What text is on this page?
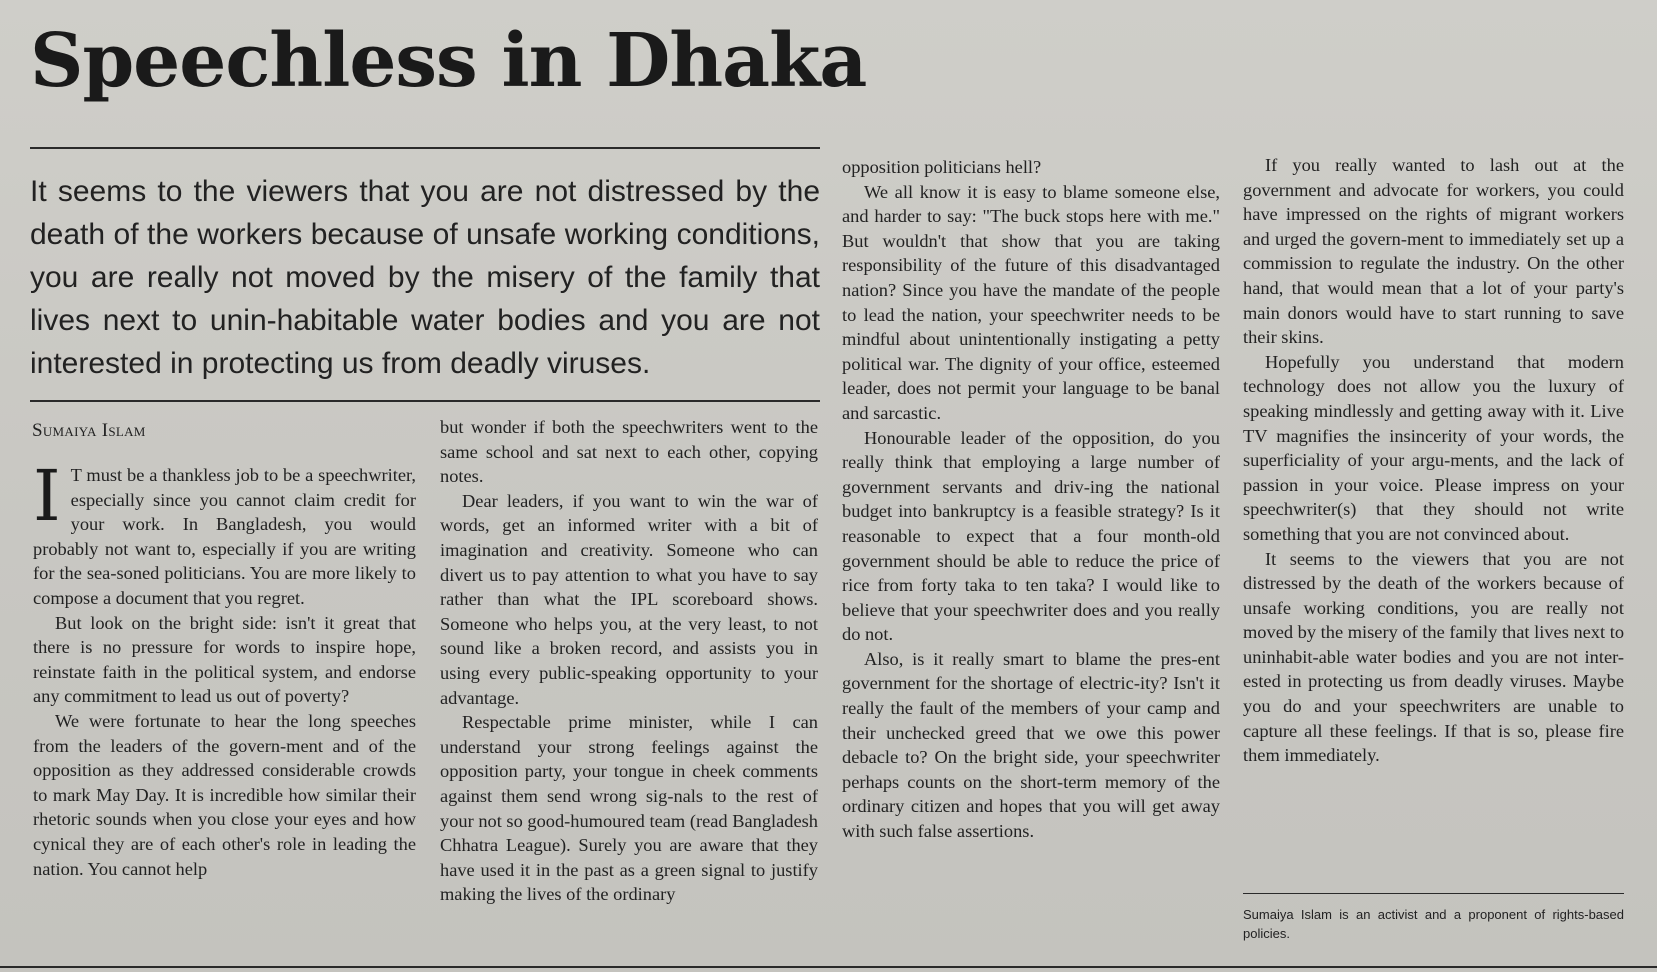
Speechless in Dhaka

It seems to the viewers that you are not distressed by the death of the workers because of unsafe working conditions, you are really not moved by the misery of the family that lives next to unin-habitable water bodies and you are not interested in protecting us from deadly viruses.

Sumaiya Islam

I T must be a thankless job to be a speechwriter, especially since you cannot claim credit for your work. In Bangladesh, you would probably not want to, especially if you are writing for the sea-soned politicians. You are more likely to compose a document that you regret.

But look on the bright side: isn't it great that there is no pressure for words to inspire hope, reinstate faith in the political system, and endorse any commitment to lead us out of poverty?

We were fortunate to hear the long speeches from the leaders of the govern-ment and of the opposition as they addressed considerable crowds to mark May Day. It is incredible how similar their rhetoric sounds when you close your eyes and how cynical they are of each other's role in leading the nation. You cannot help

but wonder if both the speechwriters went to the same school and sat next to each other, copying notes.

Dear leaders, if you want to win the war of words, get an informed writer with a bit of imagination and creativity. Someone who can divert us to pay attention to what you have to say rather than what the IPL scoreboard shows. Someone who helps you, at the very least, to not sound like a broken record, and assists you in using every public-speaking opportunity to your advantage.

Respectable prime minister, while I can understand your strong feelings against the opposition party, your tongue in cheek comments against them send wrong sig-nals to the rest of your not so good-humoured team (read Bangladesh Chhatra League). Surely you are aware that they have used it in the past as a green signal to justify making the lives of the ordinary

opposition politicians hell?

We all know it is easy to blame someone else, and harder to say: "The buck stops here with me." But wouldn't that show that you are taking responsibility of the future of this disadvantaged nation? Since you have the mandate of the people to lead the nation, your speechwriter needs to be mindful about unintentionally instigating a petty political war. The dignity of your office, esteemed leader, does not permit your language to be banal and sarcastic.

Honourable leader of the opposition, do you really think that employing a large number of government servants and driv-ing the national budget into bankruptcy is a feasible strategy? Is it reasonable to expect that a four month-old government should be able to reduce the price of rice from forty taka to ten taka? I would like to believe that your speechwriter does and you really do not.

Also, is it really smart to blame the pres-ent government for the shortage of electric-ity? Isn't it really the fault of the members of your camp and their unchecked greed that we owe this power debacle to? On the bright side, your speechwriter perhaps counts on the short-term memory of the ordinary citizen and hopes that you will get away with such false assertions.

If you really wanted to lash out at the government and advocate for workers, you could have impressed on the rights of migrant workers and urged the govern-ment to immediately set up a commission to regulate the industry. On the other hand, that would mean that a lot of your party's main donors would have to start running to save their skins.

Hopefully you understand that modern technology does not allow you the luxury of speaking mindlessly and getting away with it. Live TV magnifies the insincerity of your words, the superficiality of your argu-ments, and the lack of passion in your voice. Please impress on your speechwriter(s) that they should not write something that you are not convinced about.

It seems to the viewers that you are not distressed by the death of the workers because of unsafe working conditions, you are really not moved by the misery of the family that lives next to uninhabit-able water bodies and you are not inter-ested in protecting us from deadly viruses. Maybe you do and your speechwriters are unable to capture all these feelings. If that is so, please fire them immediately.

Sumaiya Islam is an activist and a proponent of rights-based policies.
